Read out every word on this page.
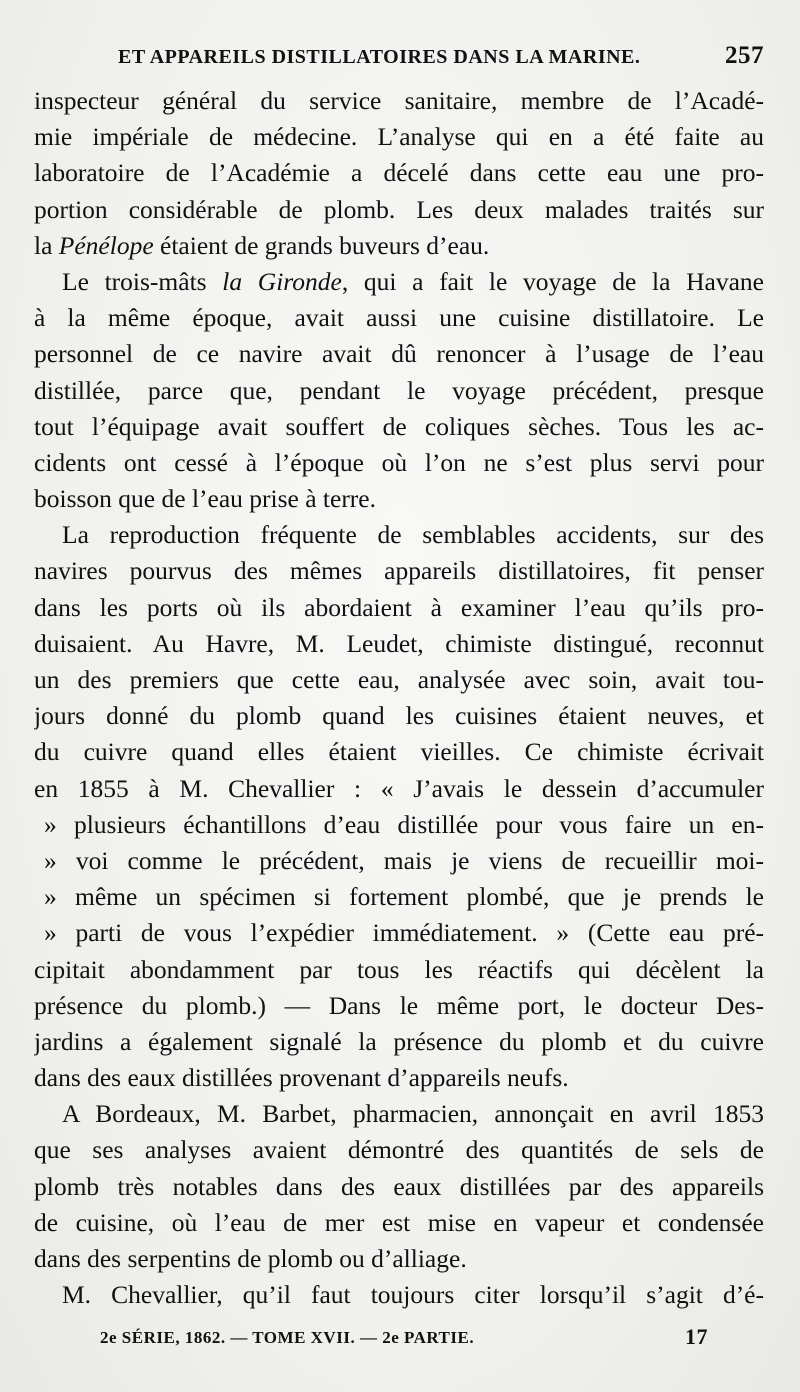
ET APPAREILS DISTILLATOIRES DANS LA MARINE.	257
inspecteur général du service sanitaire, membre de l’Acadé-
mie impériale de médecine. L’analyse qui en a été faite au
laboratoire de l’Académie a décelé dans cette eau une pro-
portion considérable de plomb. Les deux malades traités sur
la Pénélope étaient de grands buveurs d’eau.
Le trois-mâts la Gironde, qui a fait le voyage de la Havane
à la même époque, avait aussi une cuisine distillatoire. Le
personnel de ce navire avait dû renoncer à l’usage de l’eau
distillée, parce que, pendant le voyage précédent, presque
tout l’équipage avait souffert de coliques sèches. Tous les ac-
cidents ont cessé à l’époque où l’on ne s’est plus servi pour
boisson que de l’eau prise à terre.
La reproduction fréquente de semblables accidents, sur des
navires pourvus des mêmes appareils distillatoires, fit penser
dans les ports où ils abordaient à examiner l’eau qu’ils pro-
duisaient. Au Havre, M. Leudet, chimiste distingué, reconnut
un des premiers que cette eau, analysée avec soin, avait tou-
jours donné du plomb quand les cuisines étaient neuves, et
du cuivre quand elles étaient vieilles. Ce chimiste écrivait
en 1855 à M. Chevallier : « J’avais le dessein d’accumuler
» plusieurs échantillons d’eau distillée pour vous faire un en-
» voi comme le précédent, mais je viens de recueillir moi-
» même un spécimen si fortement plombé, que je prends le
» parti de vous l’expédier immédiatement. » (Cette eau pré-
cipitait abondamment par tous les réactifs qui décèlent la
présence du plomb.) — Dans le même port, le docteur Des-
jardins a également signalé la présence du plomb et du cuivre
dans des eaux distillées provenant d’appareils neufs.
A Bordeaux, M. Barbet, pharmacien, annonçait en avril 1853
que ses analyses avaient démontré des quantités de sels de
plomb très notables dans des eaux distillées par des appareils
de cuisine, où l’eau de mer est mise en vapeur et condensée
dans des serpentins de plomb ou d’alliage.
M. Chevallier, qu’il faut toujours citer lorsqu’il s’agit d’é-
2e SÉRIE, 1862. — TOME XVII. — 2e PARTIE.	17
